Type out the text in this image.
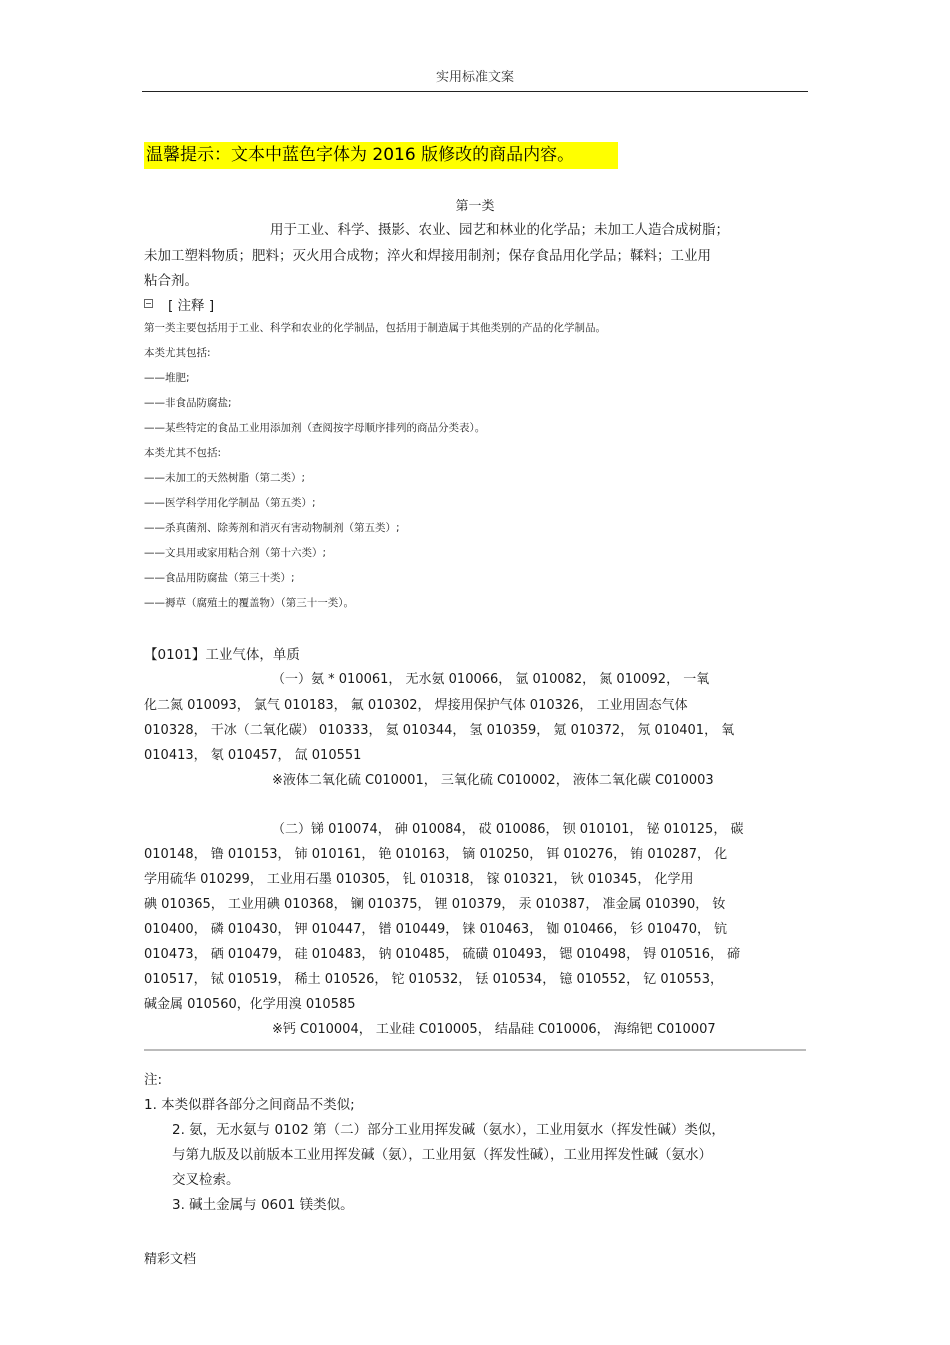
实用标准文案
温馨提示：文本中蓝色字体为 2016 版修改的商品内容。
第一类
用于工业、科学、摄影、农业、园艺和林业的化学品；未加工人造合成树脂；
未加工塑料物质；肥料；灭火用合成物；淬火和焊接用制剂；保存食品用化学品；鞣料；工业用
粘合剂。
[ 注释 ]
第一类主要包括用于工业、科学和农业的化学制品，包括用于制造属于其他类别的产品的化学制品。
本类尤其包括:
——堆肥;
——非食品防腐盐;
——某些特定的食品工业用添加剂（查阅按字母顺序排列的商品分类表）。
本类尤其不包括:
——未加工的天然树脂（第二类）;
——医学科学用化学制品（第五类）;
——杀真菌剂、除莠剂和消灭有害动物制剂（第五类）;
——文具用或家用粘合剂（第十六类）;
——食品用防腐盐（第三十类）;
——褥草（腐殖土的覆盖物）（第三十一类）。
【0101】工业气体，单质
（一）氨 * 010061， 无水氨 010066， 氩 010082， 氮 010092， 一氧
化二氮 010093， 氯气 010183， 氟 010302， 焊接用保护气体 010326， 工业用固态气体
010328， 干冰（二氧化碳） 010333， 氦 010344， 氢 010359， 氪 010372， 氖 010401， 氧
010413， 氡 010457， 氙 010551
※液体二氧化硫 C010001， 三氧化硫 C010002， 液体二氧化碳 C010003
（二）锑 010074， 砷 010084， 砹 010086， 钡 010101， 铋 010125， 碳
010148， 镥 010153， 铈 010161， 铯 010163， 镝 010250， 铒 010276， 铕 010287， 化
学用硫华 010299， 工业用石墨 010305， 钆 010318， 镓 010321， 钬 010345， 化学用
碘 010365， 工业用碘 010368， 镧 010375， 锂 010379， 汞 010387， 准金属 010390， 钕
010400， 磷 010430， 钾 010447， 镨 010449， 铼 010463， 铷 010466， 钐 010470， 钪
010473， 硒 010479， 硅 010483， 钠 010485， 硫磺 010493， 锶 010498， 锝 010516， 碲
010517， 铽 010519， 稀土 010526， 铊 010532， 铥 010534， 镱 010552， 钇 010553，
碱金属 010560，化学用溴 010585
※钙 C010004， 工业硅 C010005， 结晶硅 C010006， 海绵钯 C010007
注:
1. 本类似群各部分之间商品不类似;
2. 氨，无水氨与 0102 第（二）部分工业用挥发碱（氨水），工业用氨水（挥发性碱）类似，
与第九版及以前版本工业用挥发碱（氨），工业用氨（挥发性碱），工业用挥发性碱（氨水）
交叉检索。
3. 碱土金属与 0601 镁类似。
精彩文档
